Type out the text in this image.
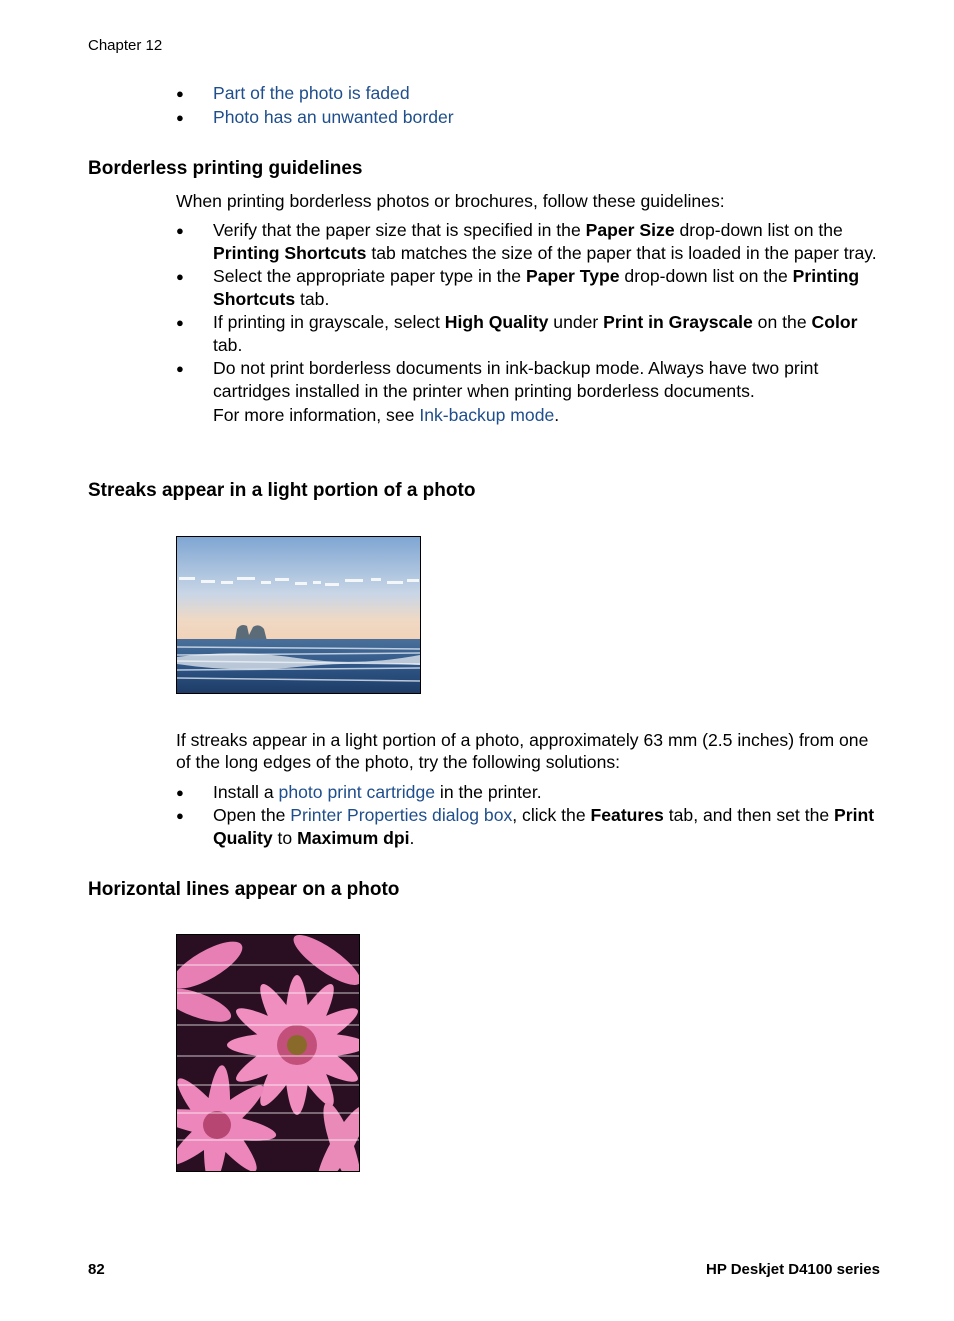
Chapter 12
● Part of the photo is faded
● Photo has an unwanted border
Borderless printing guidelines
When printing borderless photos or brochures, follow these guidelines:
● Verify that the paper size that is specified in the Paper Size drop-down list on the Printing Shortcuts tab matches the size of the paper that is loaded in the paper tray.
● Select the appropriate paper type in the Paper Type drop-down list on the Printing Shortcuts tab.
● If printing in grayscale, select High Quality under Print in Grayscale on the Color tab.
● Do not print borderless documents in ink-backup mode. Always have two print cartridges installed in the printer when printing borderless documents.
For more information, see Ink-backup mode.
Streaks appear in a light portion of a photo
If streaks appear in a light portion of a photo, approximately 63 mm (2.5 inches) from one of the long edges of the photo, try the following solutions:
● Install a photo print cartridge in the printer.
● Open the Printer Properties dialog box, click the Features tab, and then set the Print Quality to Maximum dpi.
Horizontal lines appear on a photo
82	HP Deskjet D4100 series
